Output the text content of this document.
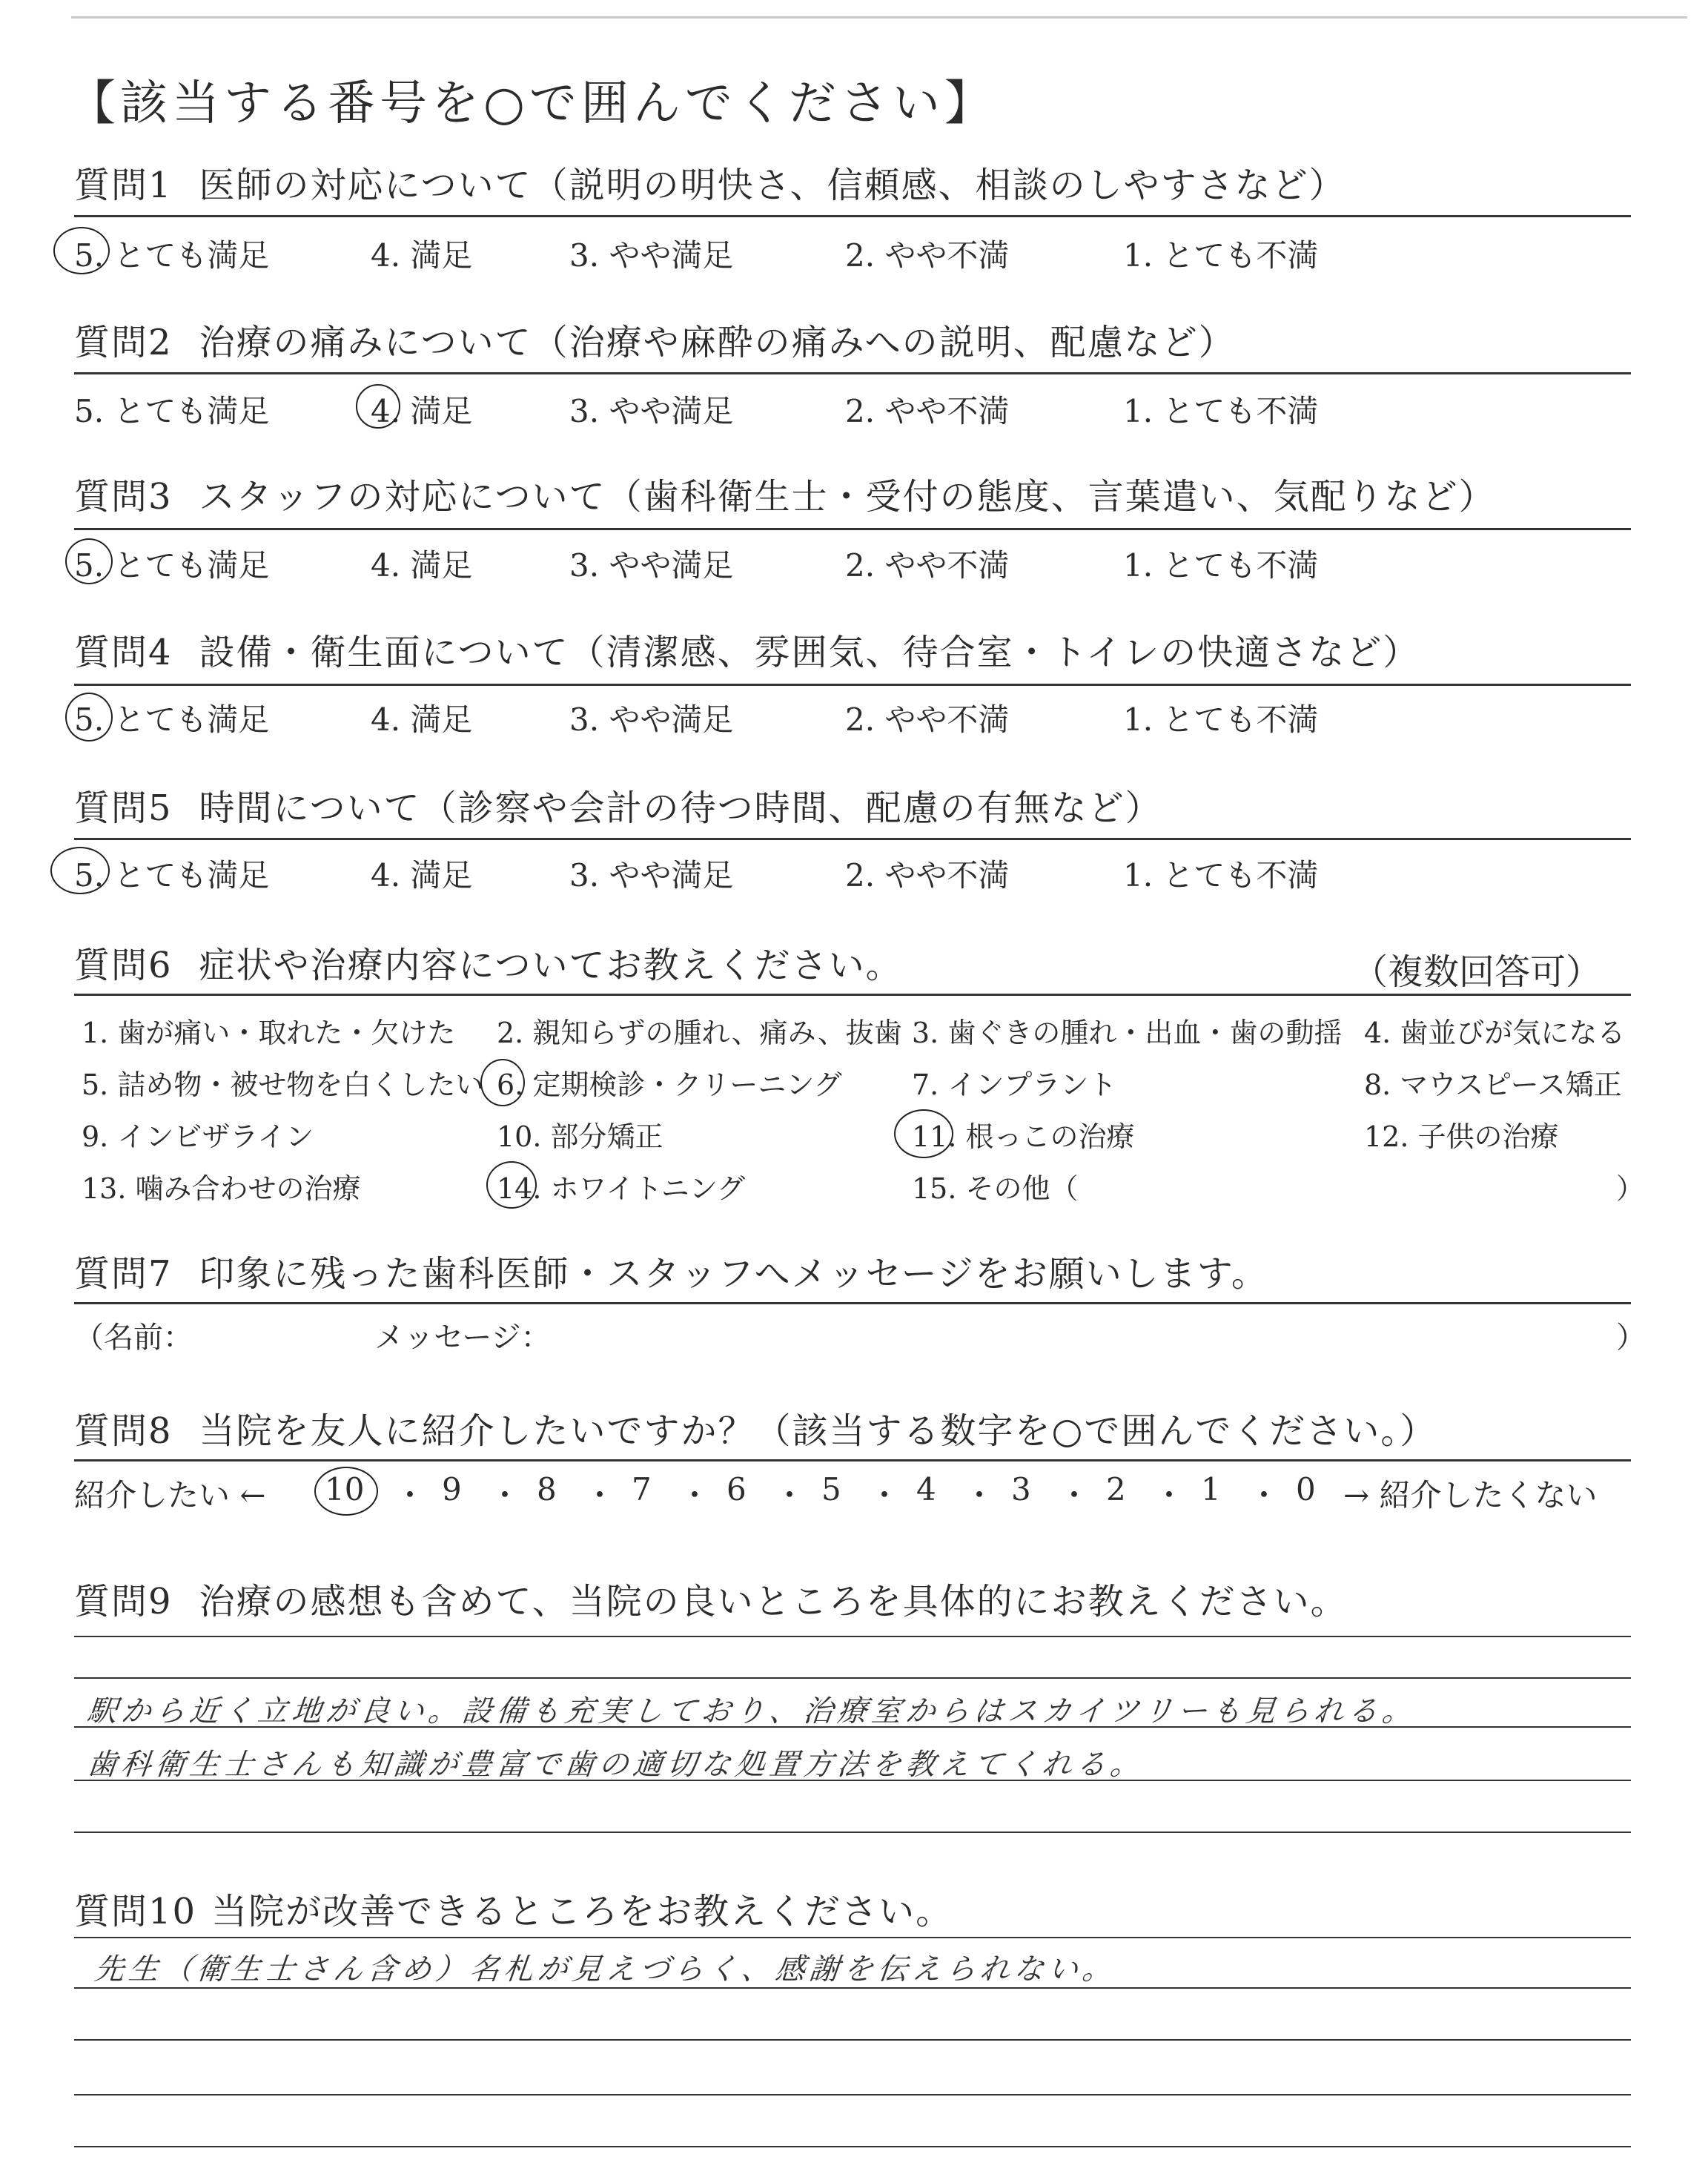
【該当する番号を○で囲んでください】
質問1 医師の対応について（説明の明快さ、信頼感、相談のしやすさなど）
5. とても満足	4. 満足	3. やや満足	2. やや不満	1. とても不満
質問2 治療の痛みについて（治療や麻酔の痛みへの説明、配慮など）
5. とても満足	4. 満足	3. やや満足	2. やや不満	1. とても不満
質問3 スタッフの対応について（歯科衛生士・受付の態度、言葉遣い、気配りなど）
5. とても満足	4. 満足	3. やや満足	2. やや不満	1. とても不満
質問4 設備・衛生面について（清潔感、雰囲気、待合室・トイレの快適さなど）
5. とても満足	4. 満足	3. やや満足	2. やや不満	1. とても不満
質問5 時間について（診察や会計の待つ時間、配慮の有無など）
5. とても満足	4. 満足	3. やや満足	2. やや不満	1. とても不満
質問6 症状や治療内容についてお教えください。	（複数回答可）
1. 歯が痛い・取れた・欠けた 2. 親知らずの腫れ、痛み、抜歯 3. 歯ぐきの腫れ・出血・歯の動揺 4. 歯並びが気になる
5. 詰め物・被せ物を白くしたい 6. 定期検診・クリーニング 7. インプラント	8. マウスピース矯正
9. インビザライン	10. 部分矯正	11. 根っこの治療	12. 子供の治療
13. 噛み合わせの治療	14. ホワイトニング	15. その他（	）
質問7 印象に残った歯科医師・スタッフへメッセージをお願いします。
（名前：	メッセージ：	）
質問8 当院を友人に紹介したいですか？（該当する数字を○で囲んでください。）
紹介したい ← 10 ・ 9 ・ 8 ・ 7 ・ 6 ・ 5 ・ 4 ・ 3 ・ 2 ・ 1 ・ 0 → 紹介したくない
質問9 治療の感想も含めて、当院の良いところを具体的にお教えください。
駅から近く立地が良い。設備も充実しており、治療室からはスカイツリーも見られる。
歯科衛生士さんも知識が豊富で歯の適切な処置方法を教えてくれる。
質問10 当院が改善できるところをお教えください。
先生（衛生士さん含め）名札が見えづらく、感謝を伝えられない。
